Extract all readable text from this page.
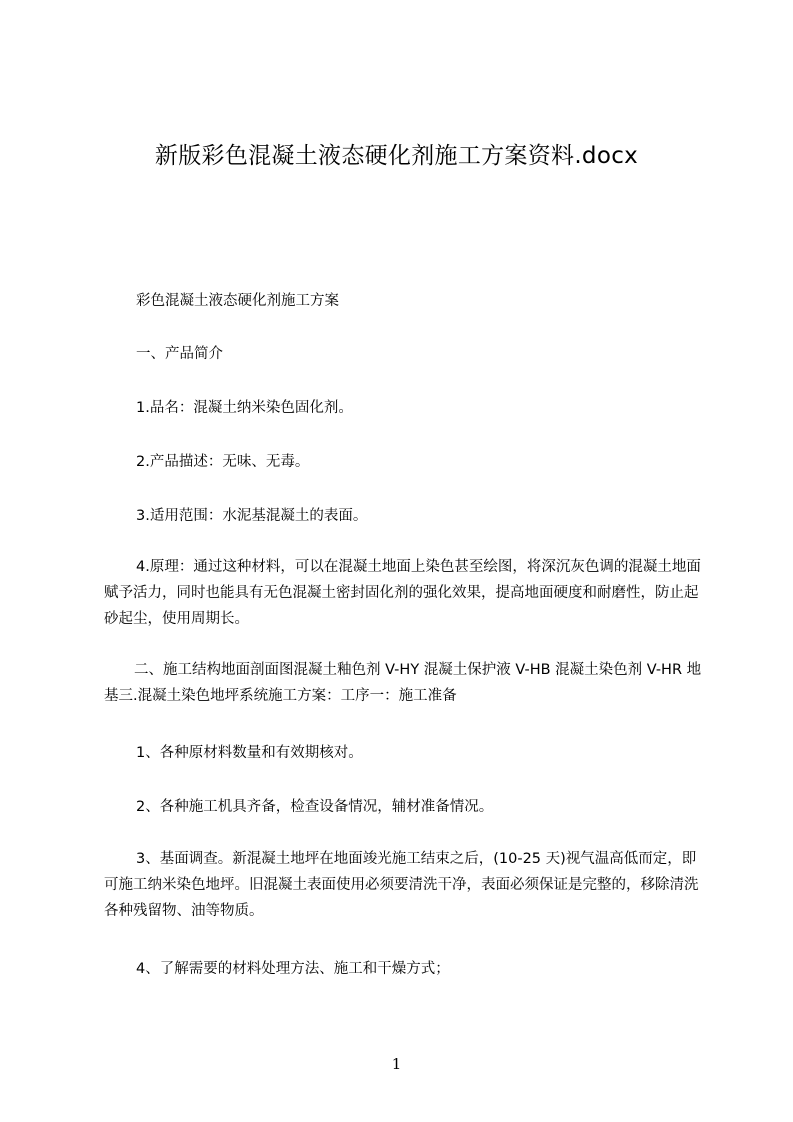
新版彩色混凝土液态硬化剂施工方案资料.docx

彩色混凝土液态硬化剂施工方案

一、产品简介

1.品名：混凝土纳米染色固化剂。

2.产品描述：无味、无毒。

3.适用范围：水泥基混凝土的表面。

4.原理：通过这种材料，可以在混凝土地面上染色甚至绘图，将深沉灰色调的混凝土地面赋予活力，同时也能具有无色混凝土密封固化剂的强化效果，提高地面硬度和耐磨性，防止起砂起尘，使用周期长。

二、施工结构地面剖面图混凝土釉色剂 V-HY 混凝土保护液 V-HB 混凝土染色剂 V-HR 地基三.混凝土染色地坪系统施工方案：工序一：施工准备

1、各种原材料数量和有效期核对。

2、各种施工机具齐备，检查设备情况，辅材准备情况。

3、基面调查。新混凝土地坪在地面竣光施工结束之后，(10-25 天)视气温高低而定，即可施工纳米染色地坪。旧混凝土表面使用必须要清洗干净，表面必须保证是完整的，移除清洗各种残留物、油等物质。

4、了解需要的材料处理方法、施工和干燥方式；

1
